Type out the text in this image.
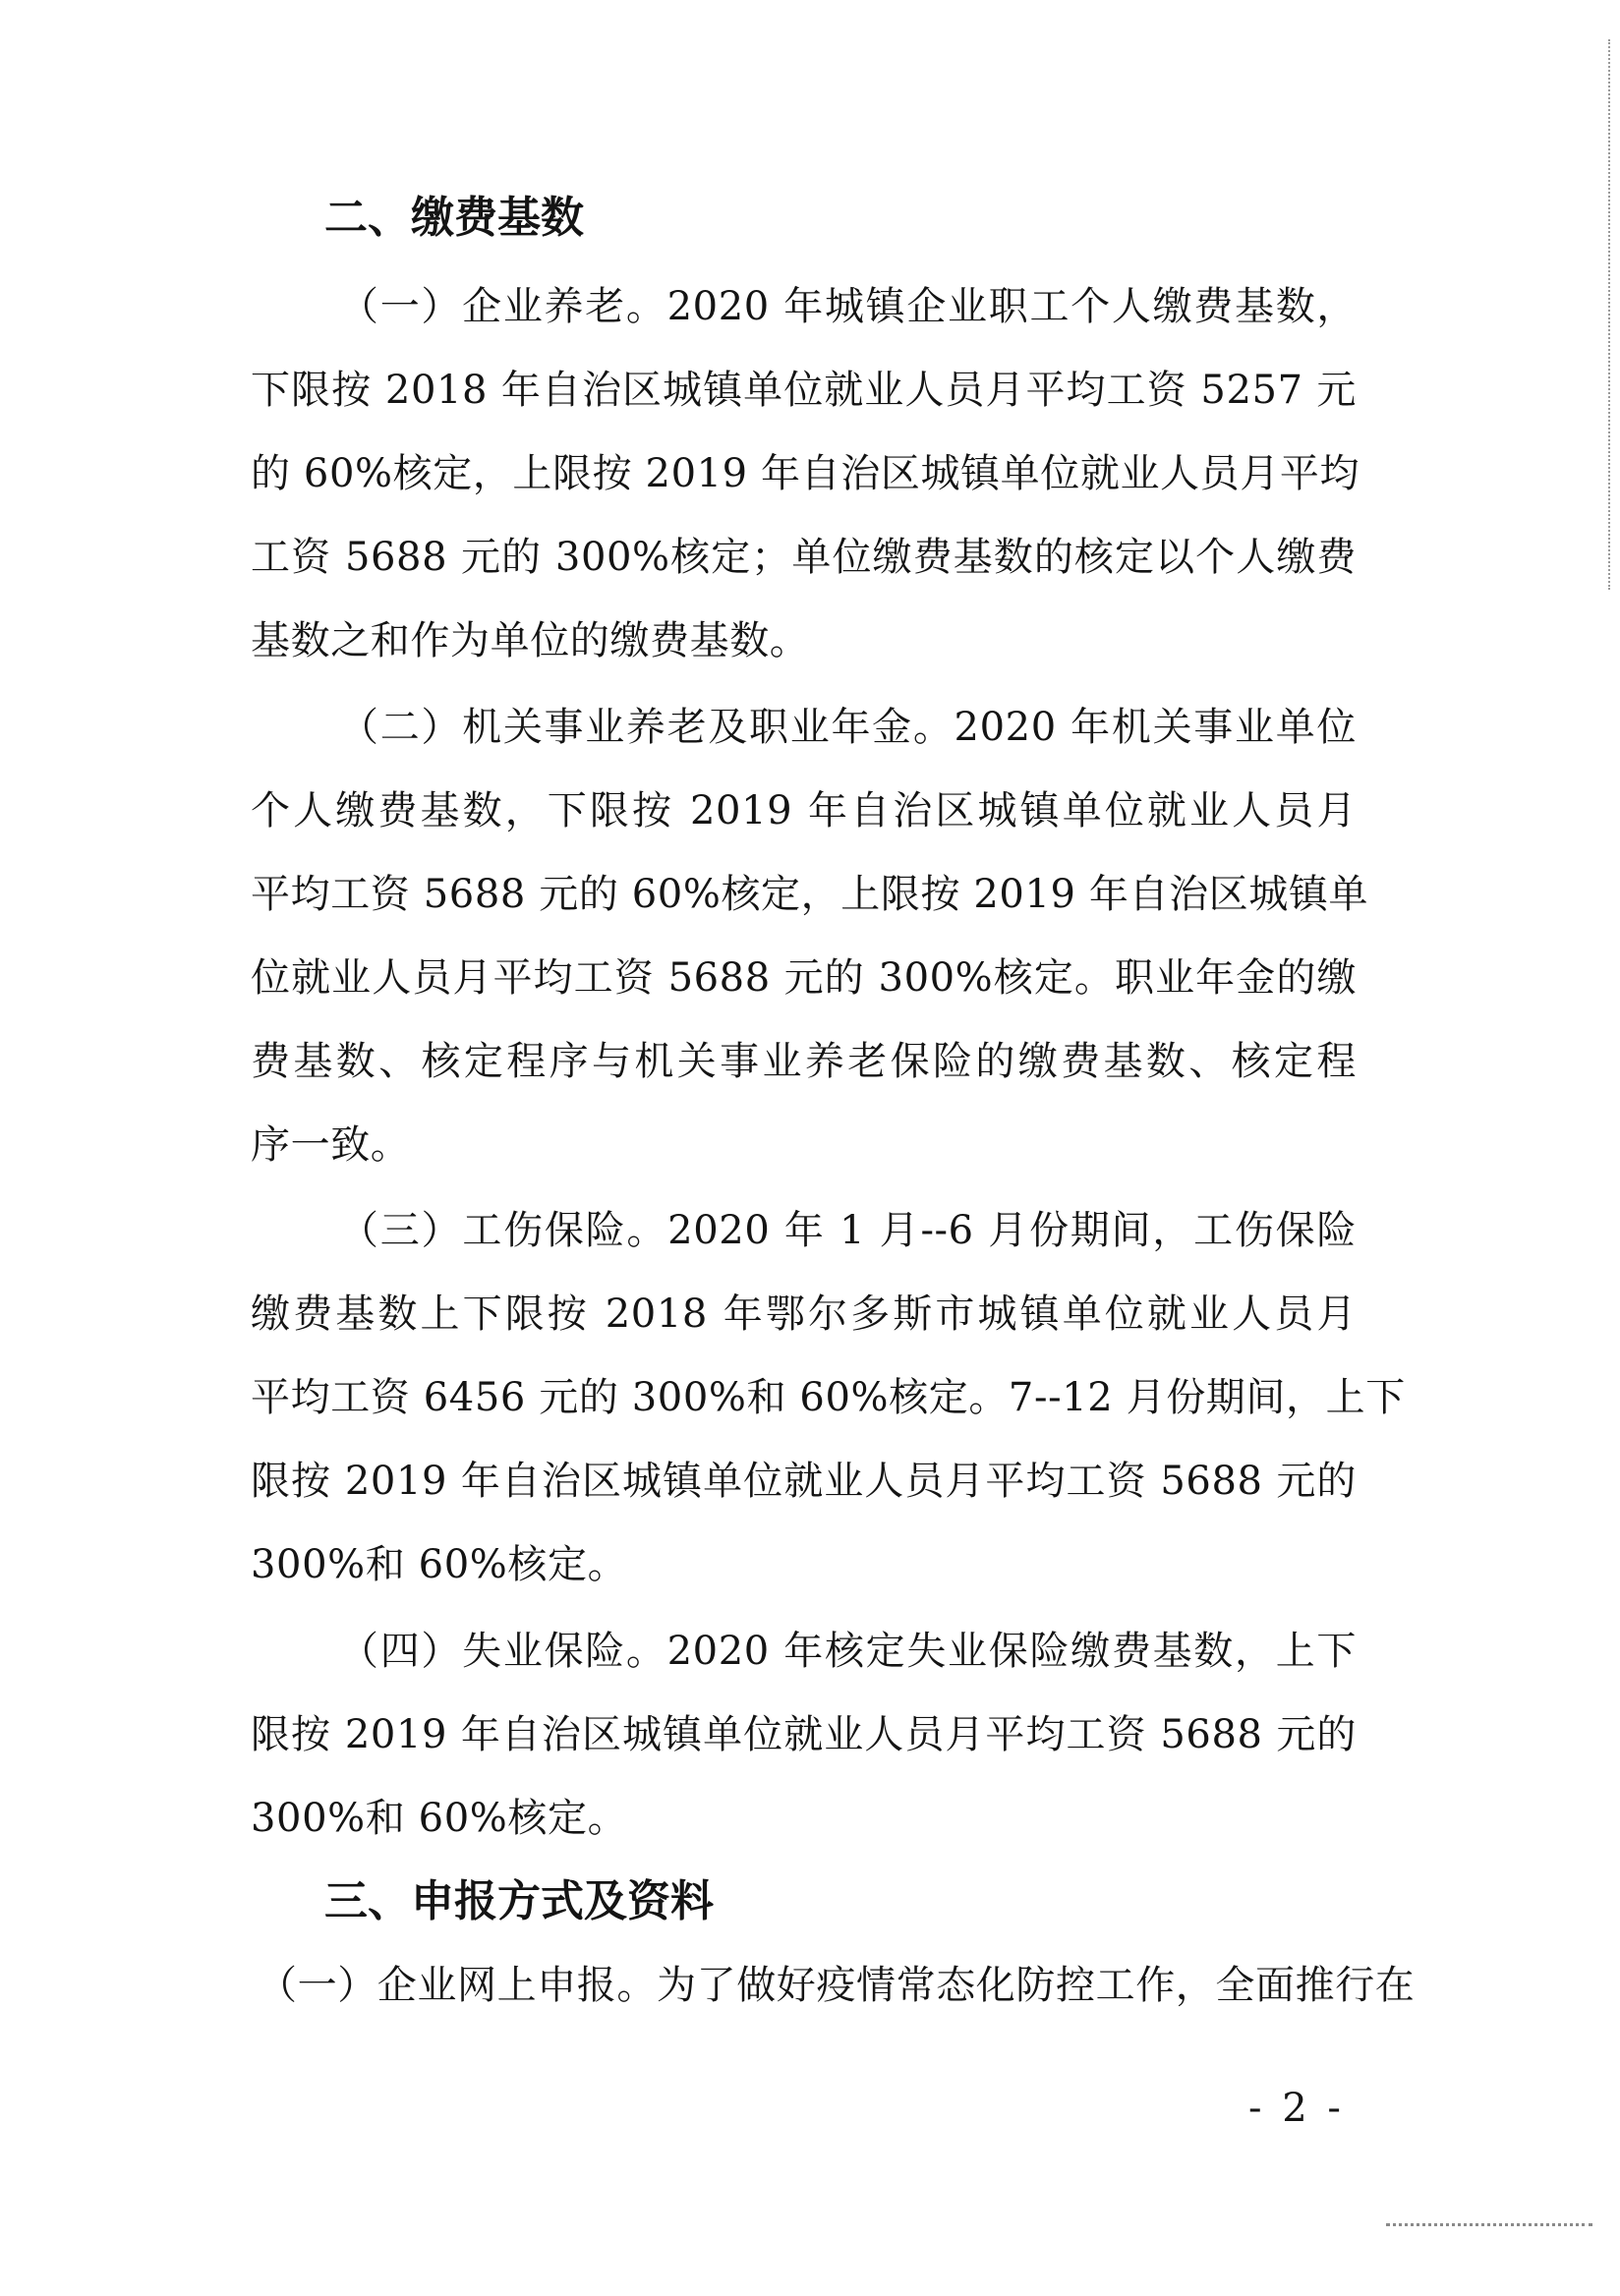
二、缴费基数

（一）企业养老。2020 年城镇企业职工个人缴费基数，

下限按 2018 年自治区城镇单位就业人员月平均工资 5257 元

的 60%核定，上限按 2019 年自治区城镇单位就业人员月平均

工资 5688 元的 300%核定；单位缴费基数的核定以个人缴费

基数之和作为单位的缴费基数。

（二）机关事业养老及职业年金。2020 年机关事业单位

个人缴费基数，下限按 2019 年自治区城镇单位就业人员月

平均工资 5688 元的 60%核定，上限按 2019 年自治区城镇单

位就业人员月平均工资 5688 元的 300%核定。职业年金的缴

费基数、核定程序与机关事业养老保险的缴费基数、核定程

序一致。

（三）工伤保险。2020 年 1 月--6 月份期间，工伤保险

缴费基数上下限按 2018 年鄂尔多斯市城镇单位就业人员月

平均工资 6456 元的 300%和 60%核定。7--12 月份期间，上下

限按 2019 年自治区城镇单位就业人员月平均工资 5688 元的

300%和 60%核定。

（四）失业保险。2020 年核定失业保险缴费基数，上下

限按 2019 年自治区城镇单位就业人员月平均工资 5688 元的

300%和 60%核定。

三、申报方式及资料

（一）企业网上申报。为了做好疫情常态化防控工作，全面推行在

- 2 -
